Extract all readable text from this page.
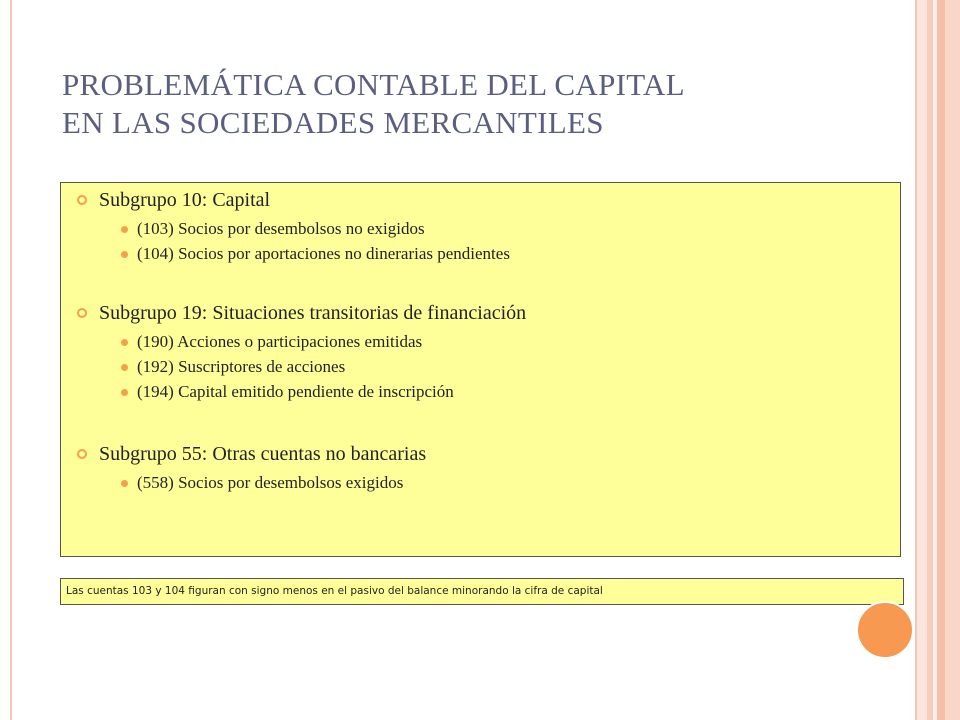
PROBLEMÁTICA CONTABLE DEL CAPITAL
EN LAS SOCIEDADES MERCANTILES
Subgrupo 10: Capital
(103) Socios por desembolsos no exigidos
(104) Socios por aportaciones no dinerarias pendientes
Subgrupo 19: Situaciones transitorias de financiación
(190) Acciones o participaciones emitidas
(192) Suscriptores de acciones
(194) Capital emitido pendiente de inscripción
Subgrupo 55: Otras cuentas no bancarias
(558) Socios por desembolsos exigidos
Las cuentas 103 y 104 figuran con signo menos en el pasivo del balance minorando la cifra de capital
